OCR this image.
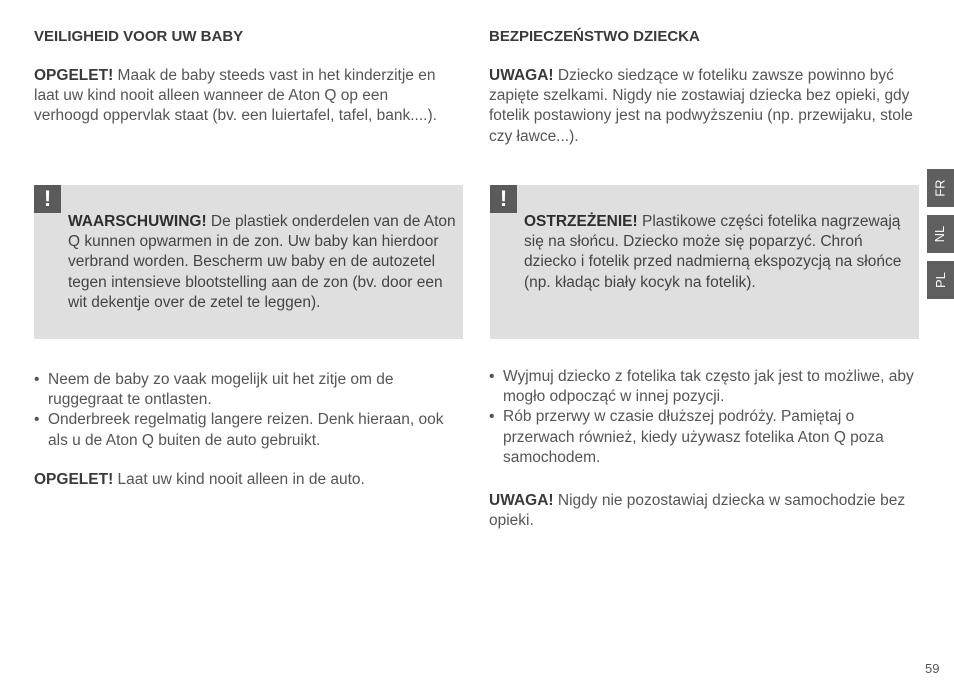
VEILIGHEID VOOR UW BABY

OPGELET! Maak de baby steeds vast in het kinderzitje en laat uw kind nooit alleen wanneer de Aton Q op een verhoogd oppervlak staat (bv. een luiertafel, tafel, bank....).

!

WAARSCHUWING! De plastiek onderdelen van de Aton Q kunnen opwarmen in de zon. Uw baby kan hierdoor verbrand worden. Bescherm uw baby en de autozetel tegen intensieve blootstelling aan de zon (bv. door een wit dekentje over de zetel te leggen).

• Neem de baby zo vaak mogelijk uit het zitje om de ruggegraat te ontlasten.
• Onderbreek regelmatig langere reizen. Denk hieraan, ook als u de Aton Q buiten de auto gebruikt.

OPGELET! Laat uw kind nooit alleen in de auto.

BEZPIECZEŃSTWO DZIECKA

UWAGA! Dziecko siedzące w foteliku zawsze powinno być zapięte szelkami. Nigdy nie zostawiaj dziecka bez opieki, gdy fotelik postawiony jest na podwyższeniu (np. przewijaku, stole czy ławce...).

!

OSTRZEŻENIE! Plastikowe części fotelika nagrzewają się na słońcu. Dziecko może się poparzyć. Chroń dziecko i fotelik przed nadmierną ekspozycją na słońce (np. kładąc biały kocyk na fotelik).

• Wyjmuj dziecko z fotelika tak często jak jest to możliwe, aby mogło odpocząć w innej pozycji.
• Rób przerwy w czasie dłuższej podróży. Pamiętaj o przerwach również, kiedy używasz fotelika Aton Q poza samochodem.

UWAGA! Nigdy nie pozostawiaj dziecka w samochodzie bez opieki.

FR
NL
PL
59
